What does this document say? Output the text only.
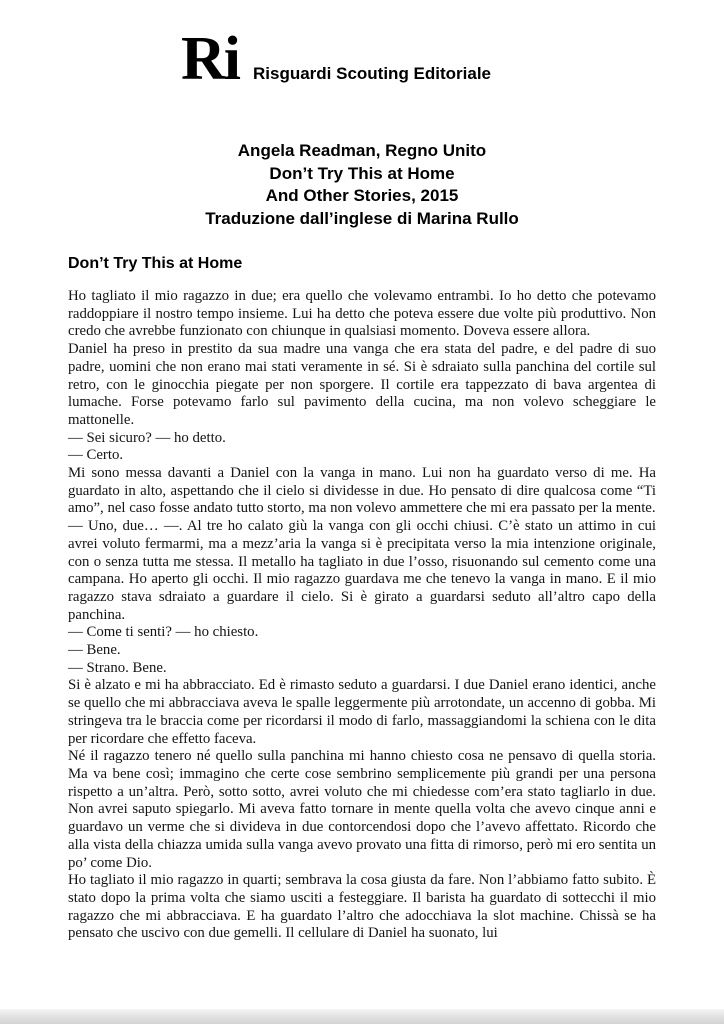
Ri Risguardi Scouting Editoriale

Angela Readman, Regno Unito

Don’t Try This at Home

And Other Stories, 2015

Traduzione dall’inglese di Marina Rullo

Don’t Try This at Home

Ho tagliato il mio ragazzo in due; era quello che volevamo entrambi. Io ho detto che potevamo raddoppiare il nostro tempo insieme. Lui ha detto che poteva essere due volte più produttivo. Non credo che avrebbe funzionato con chiunque in qualsiasi momento. Doveva essere allora.

Daniel ha preso in prestito da sua madre una vanga che era stata del padre, e del padre di suo padre, uomini che non erano mai stati veramente in sé. Si è sdraiato sulla panchina del cortile sul retro, con le ginocchia piegate per non sporgere. Il cortile era tappezzato di bava argentea di lumache. Forse potevamo farlo sul pavimento della cucina, ma non volevo scheggiare le mattonelle.

— Sei sicuro? — ho detto.

— Certo.

Mi sono messa davanti a Daniel con la vanga in mano. Lui non ha guardato verso di me. Ha guardato in alto, aspettando che il cielo si dividesse in due. Ho pensato di dire qualcosa come “Ti amo”, nel caso fosse andato tutto storto, ma non volevo ammettere che mi era passato per la mente.

— Uno, due… —. Al tre ho calato giù la vanga con gli occhi chiusi. C’è stato un attimo in cui avrei voluto fermarmi, ma a mezz’aria la vanga si è precipitata verso la mia intenzione originale, con o senza tutta me stessa. Il metallo ha tagliato in due l’osso, risuonando sul cemento come una campana. Ho aperto gli occhi. Il mio ragazzo guardava me che tenevo la vanga in mano. E il mio ragazzo stava sdraiato a guardare il cielo. Si è girato a guardarsi seduto all’altro capo della panchina.

— Come ti senti? — ho chiesto.

— Bene.

— Strano. Bene.

Si è alzato e mi ha abbracciato. Ed è rimasto seduto a guardarsi. I due Daniel erano identici, anche se quello che mi abbracciava aveva le spalle leggermente più arrotondate, un accenno di gobba. Mi stringeva tra le braccia come per ricordarsi il modo di farlo, massaggiandomi la schiena con le dita per ricordare che effetto faceva.

Né il ragazzo tenero né quello sulla panchina mi hanno chiesto cosa ne pensavo di quella storia. Ma va bene così; immagino che certe cose sembrino semplicemente più grandi per una persona rispetto a un’altra. Però, sotto sotto, avrei voluto che mi chiedesse com’era stato tagliarlo in due. Non avrei saputo spiegarlo. Mi aveva fatto tornare in mente quella volta che avevo cinque anni e guardavo un verme che si divideva in due contorcendosi dopo che l’avevo affettato. Ricordo che alla vista della chiazza umida sulla vanga avevo provato una fitta di rimorso, però mi ero sentita un po’ come Dio.

Ho tagliato il mio ragazzo in quarti; sembrava la cosa giusta da fare. Non l’abbiamo fatto subito. È stato dopo la prima volta che siamo usciti a festeggiare. Il barista ha guardato di sottecchi il mio ragazzo che mi abbracciava. E ha guardato l’altro che adocchiava la slot machine. Chissà se ha pensato che uscivo con due gemelli. Il cellulare di Daniel ha suonato, lui
